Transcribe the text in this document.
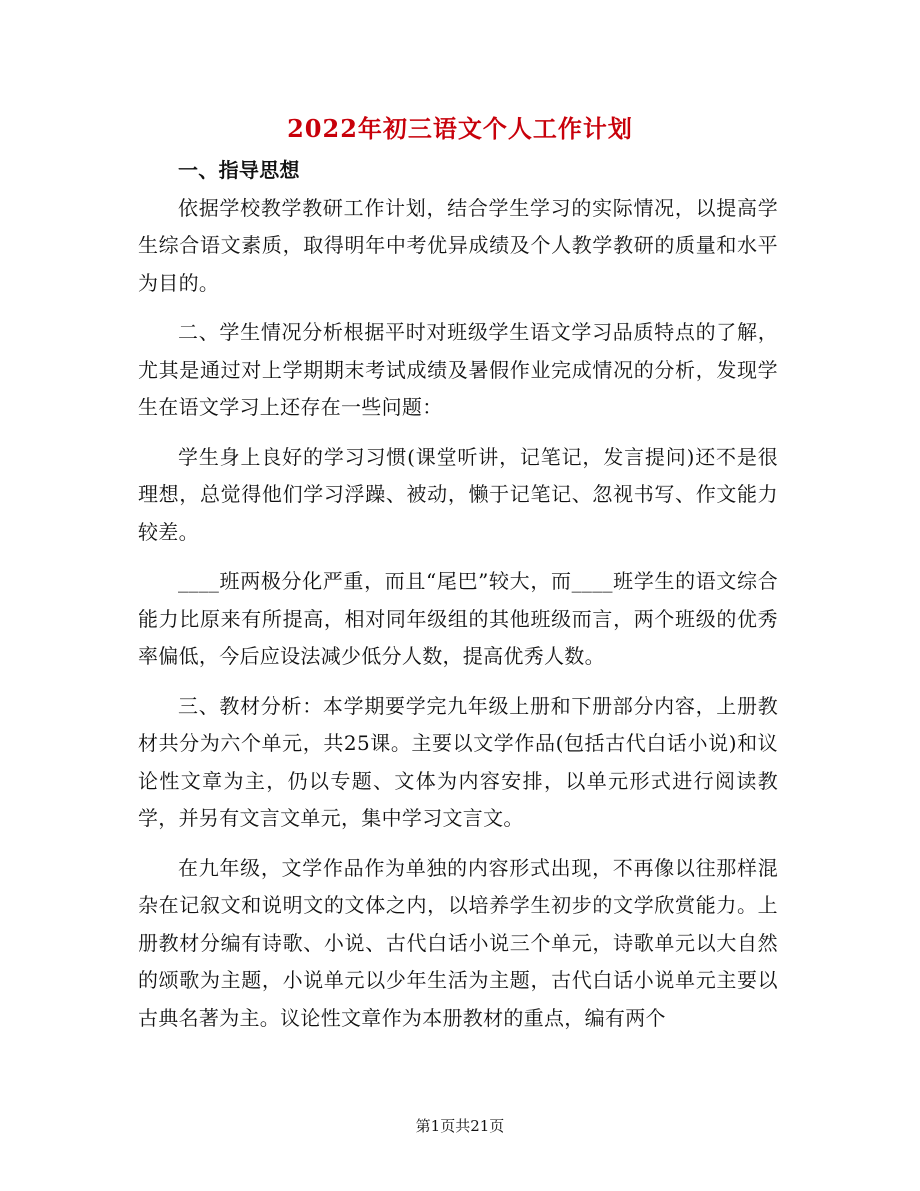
2022年初三语文个人工作计划
一、指导思想

依据学校教学教研工作计划，结合学生学习的实际情况，以提高学生综合语文素质，取得明年中考优异成绩及个人教学教研的质量和水平为目的。

二、学生情况分析根据平时对班级学生语文学习品质特点的了解，尤其是通过对上学期期末考试成绩及暑假作业完成情况的分析，发现学生在语文学习上还存在一些问题：

学生身上良好的学习习惯(课堂听讲，记笔记，发言提问)还不是很理想，总觉得他们学习浮躁、被动，懒于记笔记、忽视书写、作文能力较差。

____班两极分化严重，而且“尾巴”较大，而____班学生的语文综合能力比原来有所提高，相对同年级组的其他班级而言，两个班级的优秀率偏低，今后应设法减少低分人数，提高优秀人数。

三、教材分析：本学期要学完九年级上册和下册部分内容，上册教材共分为六个单元，共25课。主要以文学作品(包括古代白话小说)和议论性文章为主，仍以专题、文体为内容安排，以单元形式进行阅读教学，并另有文言文单元，集中学习文言文。

在九年级，文学作品作为单独的内容形式出现，不再像以往那样混杂在记叙文和说明文的文体之内，以培养学生初步的文学欣赏能力。上册教材分编有诗歌、小说、古代白话小说三个单元，诗歌单元以大自然的颂歌为主题，小说单元以少年生活为主题，古代白话小说单元主要以古典名著为主。议论性文章作为本册教材的重点，编有两个

第1页共21页
